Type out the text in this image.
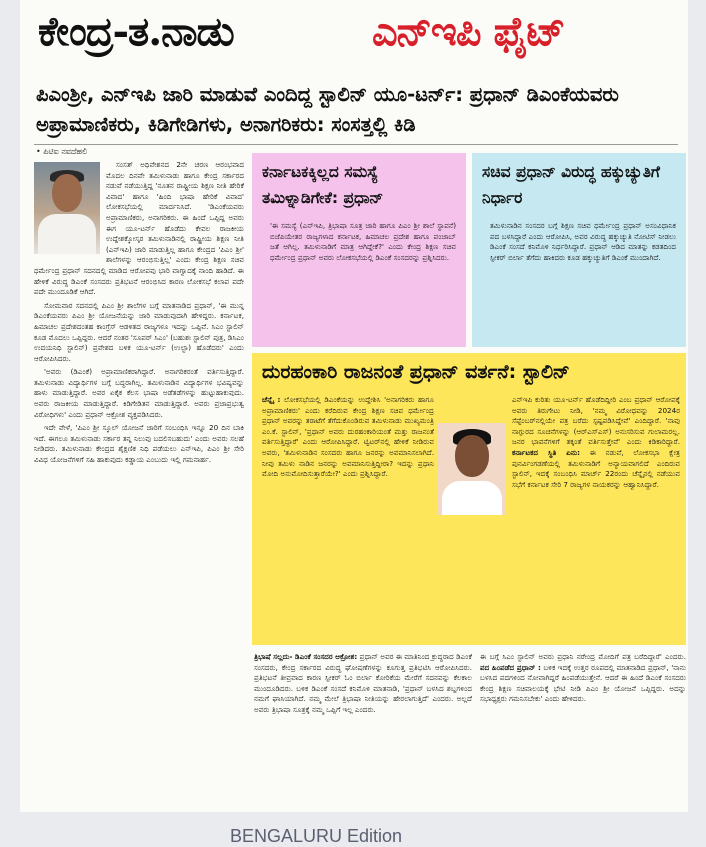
ಕೇಂದ್ರ-ತ.ನಾಡು	ಎನ್‌ಇಪಿ ಫೈಟ್
ಪಿಎಂಶ್ರೀ, ಎನ್‌ಇಪಿ ಜಾರಿ ಮಾಡುವೆ ಎಂದಿದ್ದ ಸ್ಟಾಲಿನ್ ಯೂ-ಟರ್ನ್: ಪ್ರಧಾನ್ ಡಿಎಂಕೆಯವರು ಅಪ್ರಾಮಾಣಿಕರು, ಕಿಡಿಗೇಡಿಗಳು, ಅನಾಗರಿಕರು: ಸಂಸತ್ತಲ್ಲಿ ಕಿಡಿ
• ಪಿಟಿಐ ನವದೆಹಲಿ

ಸಂಸತ್ ಅಧಿವೇಶನದ 2ನೇ ಚರಣ ಆರಂಭವಾದ ಮೊದಲ ದಿನವೇ ತಮಿಳುನಾಡು ಹಾಗೂ ಕೇಂದ್ರ ಸರ್ಕಾರದ ನಡುವೆ ನಡೆಯುತ್ತಿದ್ದ 'ನೂತನ ರಾಷ್ಟ್ರೀಯ ಶಿಕ್ಷಣ ನೀತಿ ಹೇರಿಕೆ ವಿವಾದ' ಹಾಗೂ 'ಹಿಂದಿ ಭಾಷಾ ಹೇರಿಕೆ ವಿವಾದ' ಲೋಕಸಭೆಯಲ್ಲಿ ಮಾರ್ದನಿಸಿದೆ. 'ಡಿಎಂಕೆಯವರು ಅಪ್ರಾಮಾಣಿಕರು, ಅನಾಗರಿಕರು. ಈ ಹಿಂದೆ ಒಪ್ಪಿದ್ದ ಅವರು ಈಗ ಯೂ-ಟರ್ನ್ ಹೊಡೆದು ಕೇವಲ ರಾಜಕೀಯ ಉದ್ದೇಶಕ್ಕೋಸ್ಕರ ತಮಿಳುನಾಡಿನಲ್ಲಿ ರಾಷ್ಟ್ರೀಯ ಶಿಕ್ಷಣ ನೀತಿ (ಎನ್‌ಇಪಿ) ಜಾರಿ ಮಾಡುತ್ತಿಲ್ಲ ಹಾಗೂ ಕೇಂದ್ರದ 'ಪಿಎಂ ಶ್ರೀ' ಶಾಲೆಗಳನ್ನು ಆರಂಭಿಸುತ್ತಿಲ್ಲ' ಎಂದು ಕೇಂದ್ರ ಶಿಕ್ಷಣ ಸಚಿವ ಧರ್ಮೇಂದ್ರ ಪ್ರಧಾನ್ ಸದನದಲ್ಲಿ ಮಾಡಿದ ಆರೋಪವು ಭಾರಿ ವಾಗ್ವಾದಕ್ಕೆ ನಾಂದಿ ಹಾಡಿದೆ. ಈ ಹೇಳಿಕೆ ವಿರುದ್ಧ ಡಿಎಂಕೆ ಸಂಸದರು ಪ್ರತಿಭಟನೆ ಆರಂಭಿಸಿದ ಕಾರಣ ಲೋಕಸಭೆ ಕಲಾಪ ಪದೇ ಪದೇ ಮುಂದೂಡಿಕೆ ಆಗಿದೆ.

ಸೋಮವಾರ ಸದನದಲ್ಲಿ ಪಿಎಂ ಶ್ರೀ ಶಾಲೆಗಳ ಬಗ್ಗೆ ಮಾತನಾಡಿದ ಪ್ರಧಾನ್, 'ಈ ಮುನ್ನ ಡಿಎಂಕೆಯವರು ಪಿಎಂ ಶ್ರೀ ಯೋಜನೆಯನ್ನು ಜಾರಿ ಮಾಡುವುದಾಗಿ ಹೇಳಿದ್ದರು. ಕರ್ನಾಟಕ, ಹಿಮಾಚಲ ಪ್ರದೇಶದಂತಹ ಕಾಂಗ್ರೆಸ್ ಆಡಳಿತದ ರಾಜ್ಯಗಳೂ ಇದನ್ನು ಒಪ್ಪಿವೆ. ಸಿಎಂ ಸ್ಟಾಲಿನ್ ಕೂಡ ಮೊದಲು ಒಪ್ಪಿದ್ದರು. ಆದರೆ ನಂತರ 'ಸೂಪರ್ ಸಿಎಂ' (ಬಹುಶಃ ಸ್ಟಾಲಿನ್ ಪುತ್ರ, ಡಿಸಿಎಂ ಉದಯನಿಧಿ ಸ್ಟಾಲಿನ್) ಪ್ರವೇಶದ ಬಳಿಕ ಯೂ-ಟರ್ನ್ (ಉಲ್ಟಾ) ಹೊಡೆದರು' ಎಂದು ಆರೋಪಿಸಿದರು.

'ಅವರು (ಡಿಎಂಕೆ) ಅಪ್ರಾಮಾಣಿಕರಾಗಿದ್ದಾರೆ. ಅನಾಗರಿಕರಂತೆ ವರ್ತಿಸುತ್ತಿದ್ದಾರೆ. ತಮಿಳುನಾಡು ವಿದ್ಯಾರ್ಥಿಗಳ ಬಗ್ಗೆ ಬದ್ಧರಾಗಿಲ್ಲ. ತಮಿಳುನಾಡಿನ ವಿದ್ಯಾರ್ಥಿಗಳ ಭವಿಷ್ಯವನ್ನು ಹಾಳು ಮಾಡುತ್ತಿದ್ದಾರೆ. ಅವರ ಏಕೈಕ ಕೆಲಸ ಭಾಷಾ ಅಡೆತಡೆಗಳನ್ನು ಹುಟ್ಟುಹಾಕುವುದು. ಅವರು ರಾಜಕೀಯ ಮಾಡುತ್ತಿದ್ದಾರೆ. ಕಿಡಿಗೇಡಿತನ ಮಾಡುತ್ತಿದ್ದಾರೆ. ಅವರು ಪ್ರಜಾಪ್ರಭುತ್ವ ವಿರೋಧಿಗಳು' ಎಂದು ಪ್ರಧಾನ್ ಆಕ್ರೋಶ ವ್ಯಕ್ತಪಡಿಸಿದರು.

ಇದೇ ವೇಳೆ, 'ಪಿಎಂ ಶ್ರೀ ಸ್ಕೂಲ್ ಯೋಜನೆ ಜಾರಿಗೆ ಸಂಬಂಧಿಸಿ ಇನ್ನೂ 20 ದಿನ ಬಾಕಿ ಇದೆ. ಈಗಲೂ ತಮಿಳುನಾಡು ಸರ್ಕಾರ ತನ್ನ ನಿಲುವು ಬದಲಿಸಬಹುದು' ಎಂದು ಅವರು ಸಲಹೆ ನೀಡಿದರು. ತಮಿಳುನಾಡು ಕೇಂದ್ರದ ಶೈಕ್ಷಣಿಕ ನಿಧಿ ಪಡೆಯಲು ಎನ್‌ಇಪಿ, ಪಿಎಂ ಶ್ರೀ ಸೇರಿ ವಿವಿಧ ಯೋಜನೆಗಳಿಗೆ ಸಹಿ ಹಾಕುವುದು ಕಡ್ಡಾಯ ಎಂಬುದು ಇಲ್ಲಿ ಗಮನಾರ್ಹ.

ಕರ್ನಾಟಕಕ್ಕಿಲ್ಲದ ಸಮಸ್ಯೆ ತಮಿಳ್ನಾಡಿಗೇಕೆ: ಪ್ರಧಾನ್
'ಈ ಸಮಸ್ಯೆ (ಎನ್‌ಇಪಿ, ತ್ರಿಭಾಷಾ ಸೂತ್ರ ಜಾರಿ ಹಾಗೂ ಪಿಎಂ ಶ್ರೀ ಶಾಲೆ ಸ್ಥಾಪನೆ) ಬಿಜೆಪಿಯೇತರ ರಾಜ್ಯಗಳಾದ ಕರ್ನಾಟಕ, ಹಿಮಾಚಲ ಪ್ರದೇಶ ಹಾಗೂ ಪಂಜಾಬ್ ಜತೆ ಆಗಿಲ್ಲ. ತಮಿಳುನಾಡಿಗೆ ಮಾತ್ರ ಆಗಿದ್ದೇಕೆ?' ಎಂದು ಕೇಂದ್ರ ಶಿಕ್ಷಣ ಸಚಿವ ಧರ್ಮೇಂದ್ರ ಪ್ರಧಾನ್ ಅವರು ಲೋಕಸಭೆಯಲ್ಲಿ ಡಿಎಂಕೆ ಸಂಸದರನ್ನು ಪ್ರಶ್ನಿಸಿದರು.
ಸಚಿವ ಪ್ರಧಾನ್ ವಿರುದ್ಧ ಹಕ್ಕುಚ್ಯುತಿಗೆ ನಿರ್ಧಾರ
ತಮಿಳುನಾಡಿನ ಸಂಸದರ ಬಗ್ಗೆ ಶಿಕ್ಷಣ ಸಚಿವ ಧರ್ಮೇಂದ್ರ ಪ್ರಧಾನ್ ಅಸಂವಿಧಾನಿಕ ಪದ ಬಳಸಿದ್ದಾರೆ ಎಂದು ಆರೋಪಿಸಿ, ಅವರ ವಿರುದ್ಧ ಹಕ್ಕುಚ್ಯುತಿ ನೋಟಿಸ್ ನೀಡಲು ಡಿಎಂಕೆ ಸಂಸದೆ ಕನಿಮೊಳಿ ನಿರ್ಧರಿಸಿದ್ದಾರೆ. ಪ್ರಧಾನ್ ಆಡಿದ ಮಾತನ್ನು ಕಡತದಿಂದ ಸ್ಪೀಕರ್ ಬಿರ್ಲಾ ತೆಗೆದು ಹಾಕಿದರು ಕೂಡ ಹಕ್ಕುಚ್ಯುತಿಗೆ ಡಿಎಂಕೆ ಮುಂದಾಗಿದೆ.
ದುರಹಂಕಾರಿ ರಾಜನಂತೆ ಪ್ರಧಾನ್ ವರ್ತನೆ: ಸ್ಟಾಲಿನ್
ಚೆನ್ನೈ : ಲೋಕಸಭೆಯಲ್ಲಿ ಡಿಎಂಕೆಯನ್ನು ಉದ್ದೇಶಿಸಿ 'ಅನಾಗರಿಕರು ಹಾಗೂ ಅಪ್ರಾಮಾಣಿಕರು' ಎಂದು ಕರೆದಿರುವ ಕೇಂದ್ರ ಶಿಕ್ಷಣ ಸಚಿವ ಧರ್ಮೇಂದ್ರ ಪ್ರಧಾನ್ ಅವರನ್ನು ತರಾಟೆಗೆ ತೆಗೆದುಕೊಂಡಿರುವ ತಮಿಳುನಾಡು ಮುಖ್ಯಮಂತ್ರಿ ಎಂ.ಕೆ. ಸ್ಟಾಲಿನ್, 'ಪ್ರಧಾನ್ ಅವರು ದುರಹಂಕಾರಿಯಂತೆ ಮತ್ತು ರಾಜನಂತೆ ವರ್ತಿಸುತ್ತಿದ್ದಾರೆ' ಎಂದು ಆರೋಪಿಸಿದ್ದಾರೆ. ಟ್ವಿಟರ್‌ನಲ್ಲಿ ಹೇಳಿಕೆ ನೀಡಿರುವ ಅವರು, 'ತಮಿಳುನಾಡಿನ ಸಂಸದರು ಹಾಗೂ ಜನರನ್ನು ಅವಮಾನಿಸಲಾಗಿದೆ. ನೀವು ತಮಿಳು ನಾಡಿನ ಜನರನ್ನು ಅವಮಾನಿಸುತ್ತಿದ್ದೀರಾ? ಇದನ್ನು ಪ್ರಧಾನಿ ಮೋದಿ ಅನುಮೋದಿಸುತ್ತಾರೆಯೇ?' ಎಂದು ಪ್ರಶ್ನಿಸಿದ್ದಾರೆ.
ಎನ್‌ಇಪಿ ಕುರಿತು ಯೂ-ಟರ್ನ್ ಹೊಡೆದಿದ್ದೀರಿ ಎಂಬ ಪ್ರಧಾನ್ ಆರೋಪಕ್ಕೆ ಅವರು ತಿರುಗೇಟು ನೀಡಿ, 'ನಮ್ಮ ವಿರೋಧವನ್ನು 2024ರ ಸೆಪ್ಟೆಂಬರ್‌ನಲ್ಲಿಯೇ ಪತ್ರ ಬರೆದು ಸ್ಪಷ್ಟಪಡಿಸಿದ್ದೇವೆ' ಎಂದಿದ್ದಾರೆ. 'ನಾವು ನಾಗ್ಪುರದ ಸೂಚನೆಗಳನ್ನು (ಆರ್‌ಎಸ್‌ಎಸ್) ಅನುಸರಿಸುವ ಗುಲಾಮರಲ್ಲ. ಜನರ ಭಾವನೆಗಳಿಗೆ ತಕ್ಕಂತೆ ವರ್ತಿಸುತ್ತೇವೆ' ಎಂದು ಕಿಡಿಕಾರಿದ್ದಾರೆ. ಕರ್ನಾಟಕದ ಸ್ಥಿತಿ ಏನು: ಈ ನಡುವೆ, ಲೋಕಸಭಾ ಕ್ಷೇತ್ರ ಪುನರ್ವಿಂಗಡಣೆಯಲ್ಲಿ ತಮಿಳುನಾಡಿಗೆ ಅನ್ಯಾಯವಾಗಲಿದೆ ಎಂದಿರುವ ಸ್ಟಾಲಿನ್, ಇದಕ್ಕೆ ಸಂಬಂಧಿಸಿ ಮಾರ್ಚ್ 22ರಂದು ಚೆನ್ನೈನಲ್ಲಿ ನಡೆಯುವ ಸಭೆಗೆ ಕರ್ನಾಟಕ ಸೇರಿ 7 ರಾಜ್ಯಗಳ ನಾಯಕರನ್ನು ಆಹ್ವಾನಿಸಿದ್ದಾರೆ.
ತ್ರಿಭಾಷೆ ಸಲ್ಲದು- ಡಿಎಂಕೆ ಸಂಸದರ ಆಕ್ರೋಶ: ಪ್ರಧಾನ್ ಅವರ ಈ ಮಾತಿನಿಂದ ಕ್ರುದ್ಧರಾದ ಡಿಎಂಕೆ ಸಂಸದರು, ಕೇಂದ್ರ ಸರ್ಕಾರದ ವಿರುದ್ಧ ಘೋಷಣೆಗಳನ್ನು ಕೂಗುತ್ತ ಪ್ರತಿಭಟಿಸಿ ಆರೋಪಿಸಿದರು. ಪ್ರತಿಭಟನೆ ತೀವ್ರವಾದ ಕಾರಣ ಸ್ಪೀಕರ್ ಓಂ ಬಿರ್ಲಾ ಕೋರಿಕೆಯ ಮೇರೆಗೆ ಸದನವನ್ನು ಕೆಲಕಾಲ ಮುಂದೂಡಿದರು. ಬಳಿಕ ಡಿಎಂಕೆ ಸಂಸದೆ ಕನಿಮೊಳಿ ಮಾತನಾಡಿ, 'ಪ್ರಧಾನ್ ಬಳಸಿದ ಶಬ್ದಗಳಿಂದ ನಮಗೆ ಘಾಸಿಯಾಗಿದೆ. ನಮ್ಮ ಮೇಲೆ ತ್ರಿಭಾಷಾ ನೀತಿಯನ್ನು ಹೇರಲಾಗುತ್ತಿದೆ' ಎಂದರು. ಅಲ್ಲದೆ ಅವರು ತ್ರಿಭಾಷಾ ಸೂತ್ರಕ್ಕೆ ನಮ್ಮ ಒಪ್ಪಿಗೆ ಇಲ್ಲ ಎಂದರು.
ಈ ಬಗ್ಗೆ ಸಿಎಂ ಸ್ಟಾಲಿನ್ ಅವರು ಪ್ರಧಾನಿ ನರೇಂದ್ರ ಮೋದಿಗೆ ಪತ್ರ ಬರೆದಿದ್ದಾರೆ' ಎಂದರು. ಪದ ಹಿಂಪಡೆದ ಪ್ರಧಾನ್ : ಬಳಿಕ ಇದಕ್ಕೆ ಉತ್ತರ ರೂಪದಲ್ಲಿ ಮಾತನಾಡಿದ ಪ್ರಧಾನ್, 'ನಾನು ಬಳಸಿದ ಪದಗಳಿಂದ ನೋವಾಗಿದ್ದರೆ ಹಿಂಪಡೆಯುತ್ತೇನೆ. ಆದರೆ ಈ ಹಿಂದೆ ಡಿಎಂಕೆ ಸಂಸದರು ಕೇಂದ್ರ ಶಿಕ್ಷಣ ಸಚಿವಾಲಯಕ್ಕೆ ಭೇಟಿ ನೀಡಿ ಪಿಎಂ ಶ್ರೀ ಯೋಜನೆ ಒಪ್ಪಿದ್ದರು. ಅದನ್ನು ಸಭಾಧ್ಯಕ್ಷರು ಗಮನಿಸಬೇಕು' ಎಂದು ಹೇಳಿದರು.
BENGALURU Edition
